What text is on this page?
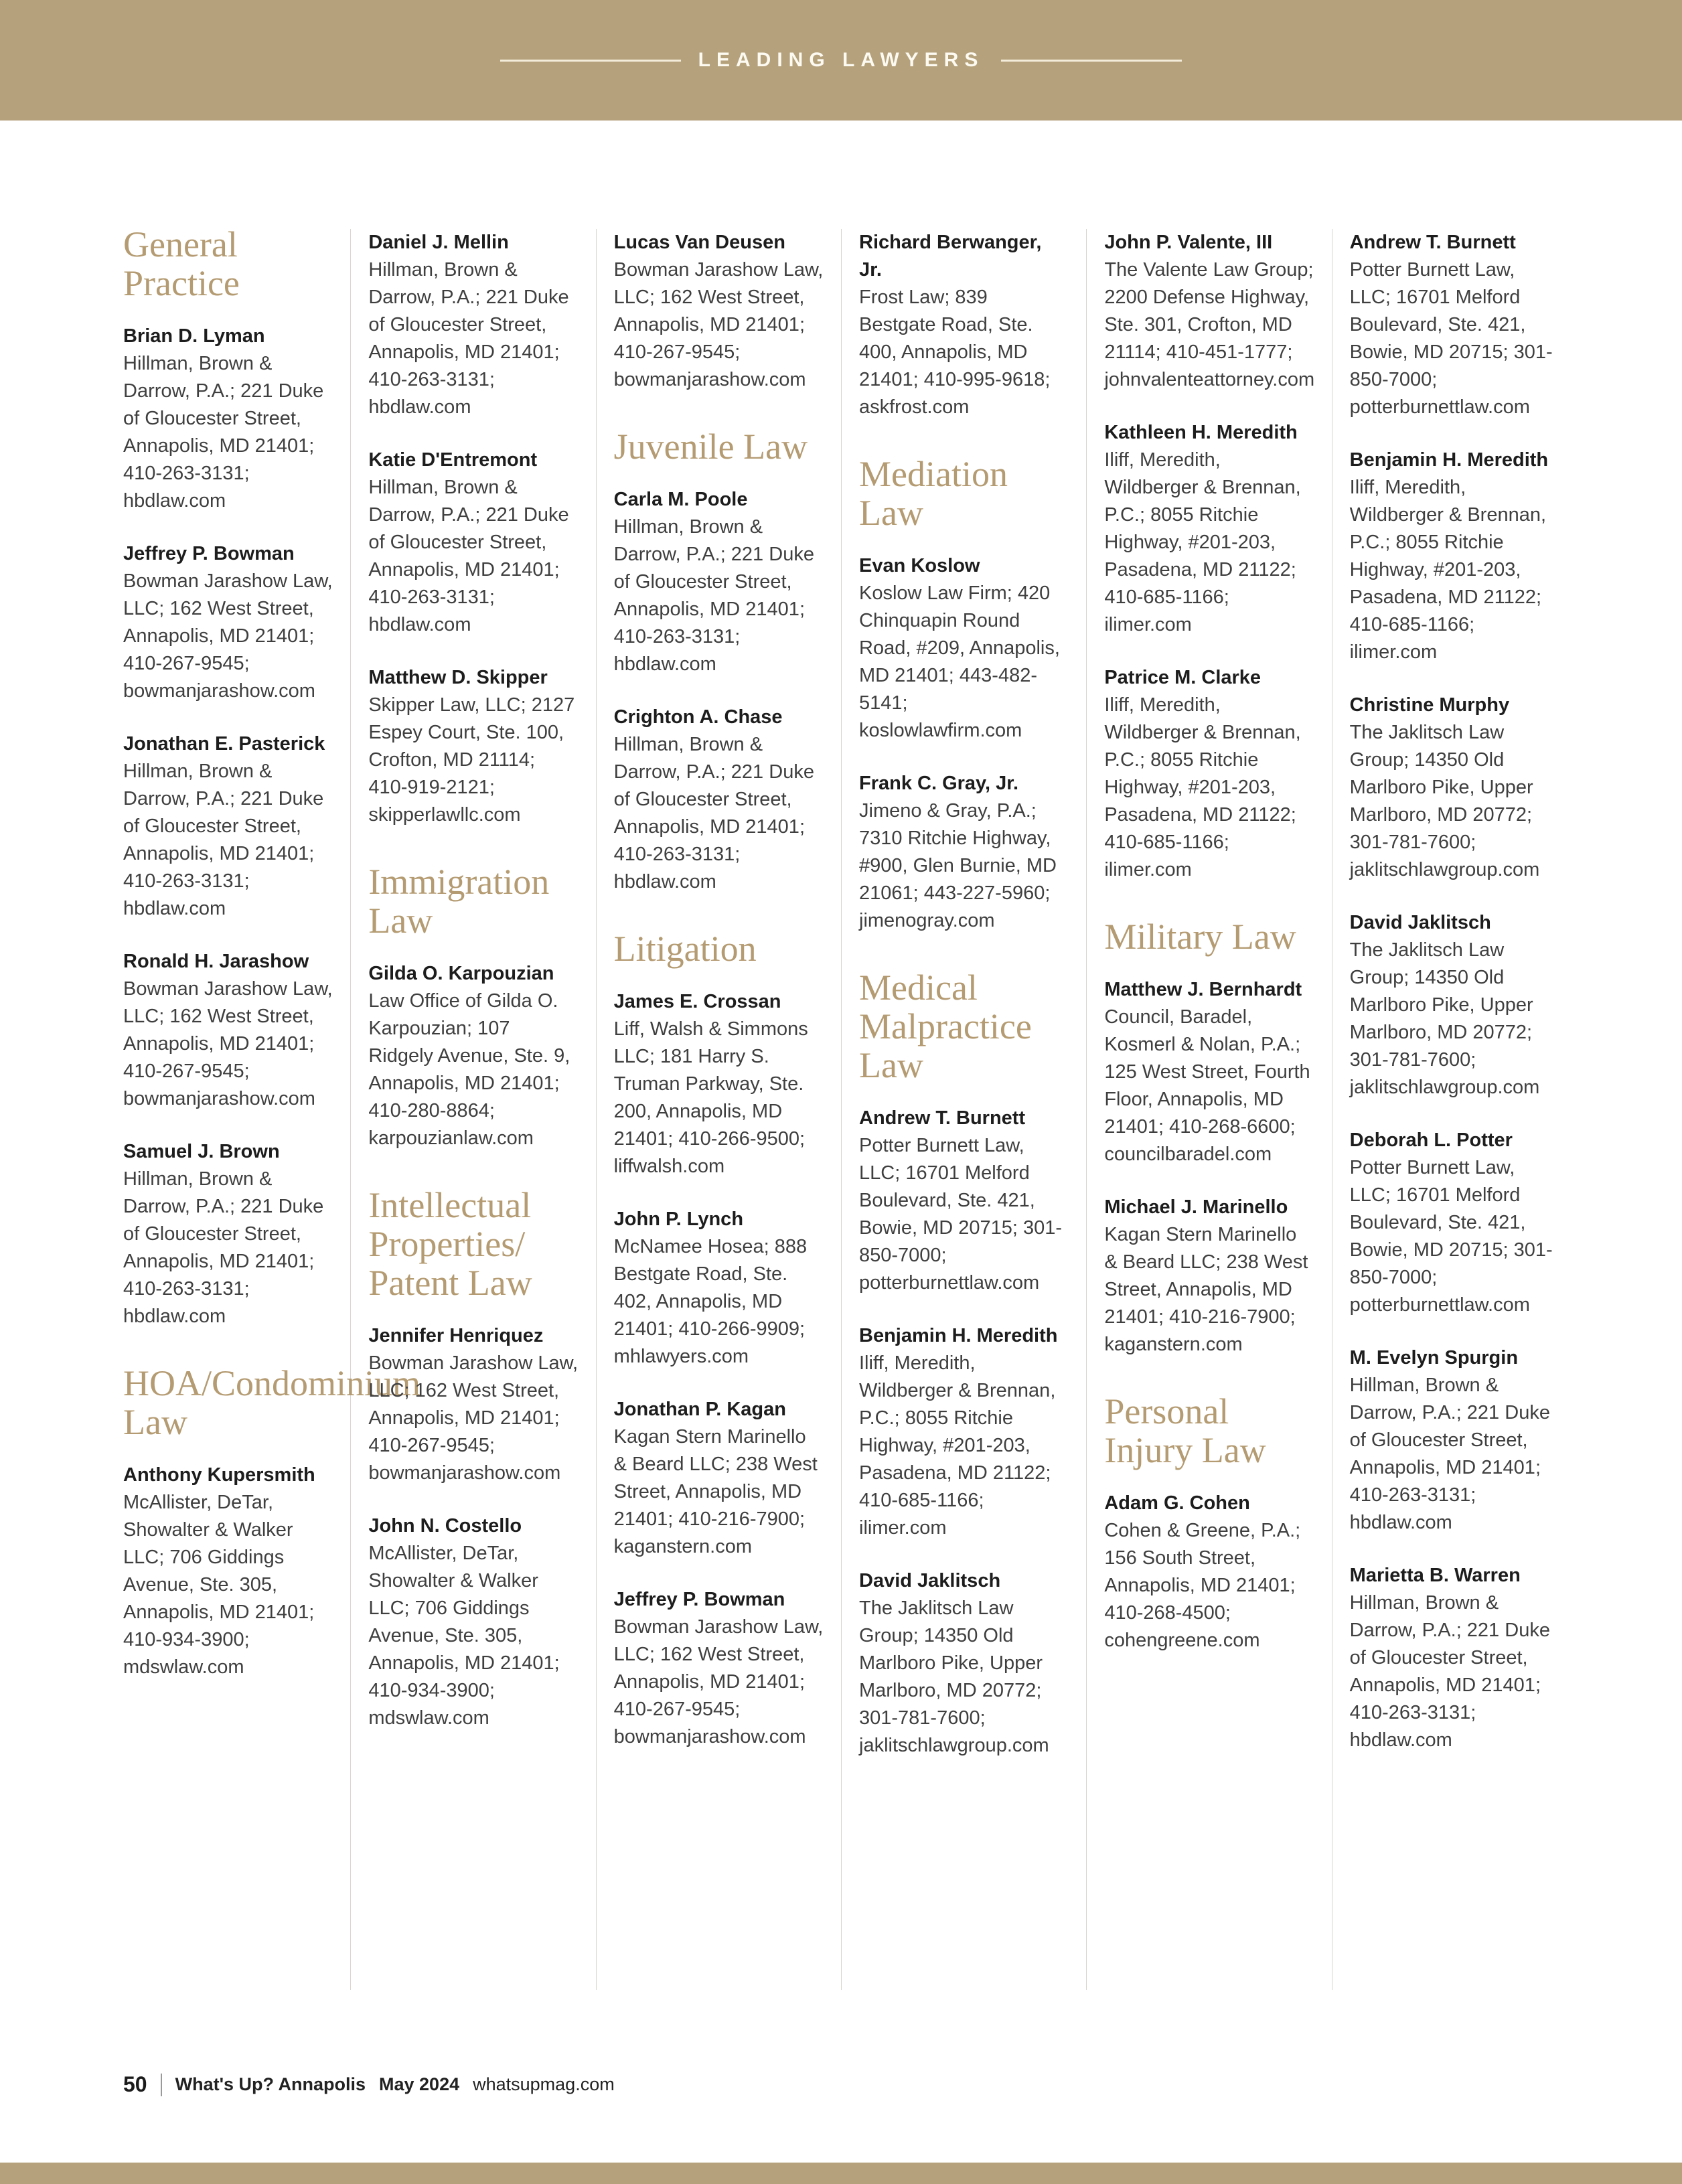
LEADING LAWYERS
General Practice
Brian D. Lyman
Hillman, Brown & Darrow, P.A.; 221 Duke of Gloucester Street, Annapolis, MD 21401; 410-263-3131; hbdlaw.com
Jeffrey P. Bowman
Bowman Jarashow Law, LLC; 162 West Street, Annapolis, MD 21401; 410-267-9545; bowmanjarashow.com
Jonathan E. Pasterick
Hillman, Brown & Darrow, P.A.; 221 Duke of Gloucester Street, Annapolis, MD 21401; 410-263-3131; hbdlaw.com
Ronald H. Jarashow
Bowman Jarashow Law, LLC; 162 West Street, Annapolis, MD 21401; 410-267-9545; bowmanjarashow.com
Samuel J. Brown
Hillman, Brown & Darrow, P.A.; 221 Duke of Gloucester Street, Annapolis, MD 21401; 410-263-3131; hbdlaw.com
HOA/Condominium Law
Anthony Kupersmith
McAllister, DeTar, Showalter & Walker LLC; 706 Giddings Avenue, Ste. 305, Annapolis, MD 21401; 410-934-3900; mdswlaw.com
Daniel J. Mellin
Hillman, Brown & Darrow, P.A.; 221 Duke of Gloucester Street, Annapolis, MD 21401; 410-263-3131; hbdlaw.com
Katie D'Entremont
Hillman, Brown & Darrow, P.A.; 221 Duke of Gloucester Street, Annapolis, MD 21401; 410-263-3131; hbdlaw.com
Matthew D. Skipper
Skipper Law, LLC; 2127 Espey Court, Ste. 100, Crofton, MD 21114; 410-919-2121; skipperlawllc.com
Immigration Law
Gilda O. Karpouzian
Law Office of Gilda O. Karpouzian; 107 Ridgely Avenue, Ste. 9, Annapolis, MD 21401; 410-280-8864; karpouzianlaw.com
Intellectual Properties/ Patent Law
Jennifer Henriquez
Bowman Jarashow Law, LLC; 162 West Street, Annapolis, MD 21401; 410-267-9545; bowmanjarashow.com
John N. Costello
McAllister, DeTar, Showalter & Walker LLC; 706 Giddings Avenue, Ste. 305, Annapolis, MD 21401; 410-934-3900; mdswlaw.com
Lucas Van Deusen
Bowman Jarashow Law, LLC; 162 West Street, Annapolis, MD 21401; 410-267-9545; bowmanjarashow.com
Juvenile Law
Carla M. Poole
Hillman, Brown & Darrow, P.A.; 221 Duke of Gloucester Street, Annapolis, MD 21401; 410-263-3131; hbdlaw.com
Crighton A. Chase
Hillman, Brown & Darrow, P.A.; 221 Duke of Gloucester Street, Annapolis, MD 21401; 410-263-3131; hbdlaw.com
Litigation
James E. Crossan
Liff, Walsh & Simmons LLC; 181 Harry S. Truman Parkway, Ste. 200, Annapolis, MD 21401; 410-266-9500; liffwalsh.com
John P. Lynch
McNamee Hosea; 888 Bestgate Road, Ste. 402, Annapolis, MD 21401; 410-266-9909; mhlawyers.com
Jonathan P. Kagan
Kagan Stern Marinello & Beard LLC; 238 West Street, Annapolis, MD 21401; 410-216-7900; kaganstern.com
Jeffrey P. Bowman
Bowman Jarashow Law, LLC; 162 West Street, Annapolis, MD 21401; 410-267-9545; bowmanjarashow.com
Richard Berwanger, Jr.
Frost Law; 839 Bestgate Road, Ste. 400, Annapolis, MD 21401; 410-995-9618; askfrost.com
Mediation Law
Evan Koslow
Koslow Law Firm; 420 Chinquapin Round Road, #209, Annapolis, MD 21401; 443-482-5141; koslowlawfirm.com
Frank C. Gray, Jr.
Jimeno & Gray, P.A.; 7310 Ritchie Highway, #900, Glen Burnie, MD 21061; 443-227-5960; jimenogray.com
Medical Malpractice Law
Andrew T. Burnett
Potter Burnett Law, LLC; 16701 Melford Boulevard, Ste. 421, Bowie, MD 20715; 301-850-7000; potterburnettlaw.com
Benjamin H. Meredith
Iliff, Meredith, Wildberger & Brennan, P.C.; 8055 Ritchie Highway, #201-203, Pasadena, MD 21122; 410-685-1166; ilimer.com
David Jaklitsch
The Jaklitsch Law Group; 14350 Old Marlboro Pike, Upper Marlboro, MD 20772; 301-781-7600; jaklitschlawgroup.com
John P. Valente, III
The Valente Law Group; 2200 Defense Highway, Ste. 301, Crofton, MD 21114; 410-451-1777; johnvalenteattorney.com
Kathleen H. Meredith
Iliff, Meredith, Wildberger & Brennan, P.C.; 8055 Ritchie Highway, #201-203, Pasadena, MD 21122; 410-685-1166; ilimer.com
Patrice M. Clarke
Iliff, Meredith, Wildberger & Brennan, P.C.; 8055 Ritchie Highway, #201-203, Pasadena, MD 21122; 410-685-1166; ilimer.com
Military Law
Matthew J. Bernhardt
Council, Baradel, Kosmerl & Nolan, P.A.; 125 West Street, Fourth Floor, Annapolis, MD 21401; 410-268-6600; councilbaradel.com
Michael J. Marinello
Kagan Stern Marinello & Beard LLC; 238 West Street, Annapolis, MD 21401; 410-216-7900; kaganstern.com
Personal Injury Law
Adam G. Cohen
Cohen & Greene, P.A.; 156 South Street, Annapolis, MD 21401; 410-268-4500; cohengreene.com
Andrew T. Burnett
Potter Burnett Law, LLC; 16701 Melford Boulevard, Ste. 421, Bowie, MD 20715; 301-850-7000; potterburnettlaw.com
Benjamin H. Meredith
Iliff, Meredith, Wildberger & Brennan, P.C.; 8055 Ritchie Highway, #201-203, Pasadena, MD 21122; 410-685-1166; ilimer.com
Christine Murphy
The Jaklitsch Law Group; 14350 Old Marlboro Pike, Upper Marlboro, MD 20772; 301-781-7600; jaklitschlawgroup.com
David Jaklitsch
The Jaklitsch Law Group; 14350 Old Marlboro Pike, Upper Marlboro, MD 20772; 301-781-7600; jaklitschlawgroup.com
Deborah L. Potter
Potter Burnett Law, LLC; 16701 Melford Boulevard, Ste. 421, Bowie, MD 20715; 301-850-7000; potterburnettlaw.com
M. Evelyn Spurgin
Hillman, Brown & Darrow, P.A.; 221 Duke of Gloucester Street, Annapolis, MD 21401; 410-263-3131; hbdlaw.com
Marietta B. Warren
Hillman, Brown & Darrow, P.A.; 221 Duke of Gloucester Street, Annapolis, MD 21401; 410-263-3131; hbdlaw.com
50 What's Up? Annapolis May 2024 whatsupmag.com
